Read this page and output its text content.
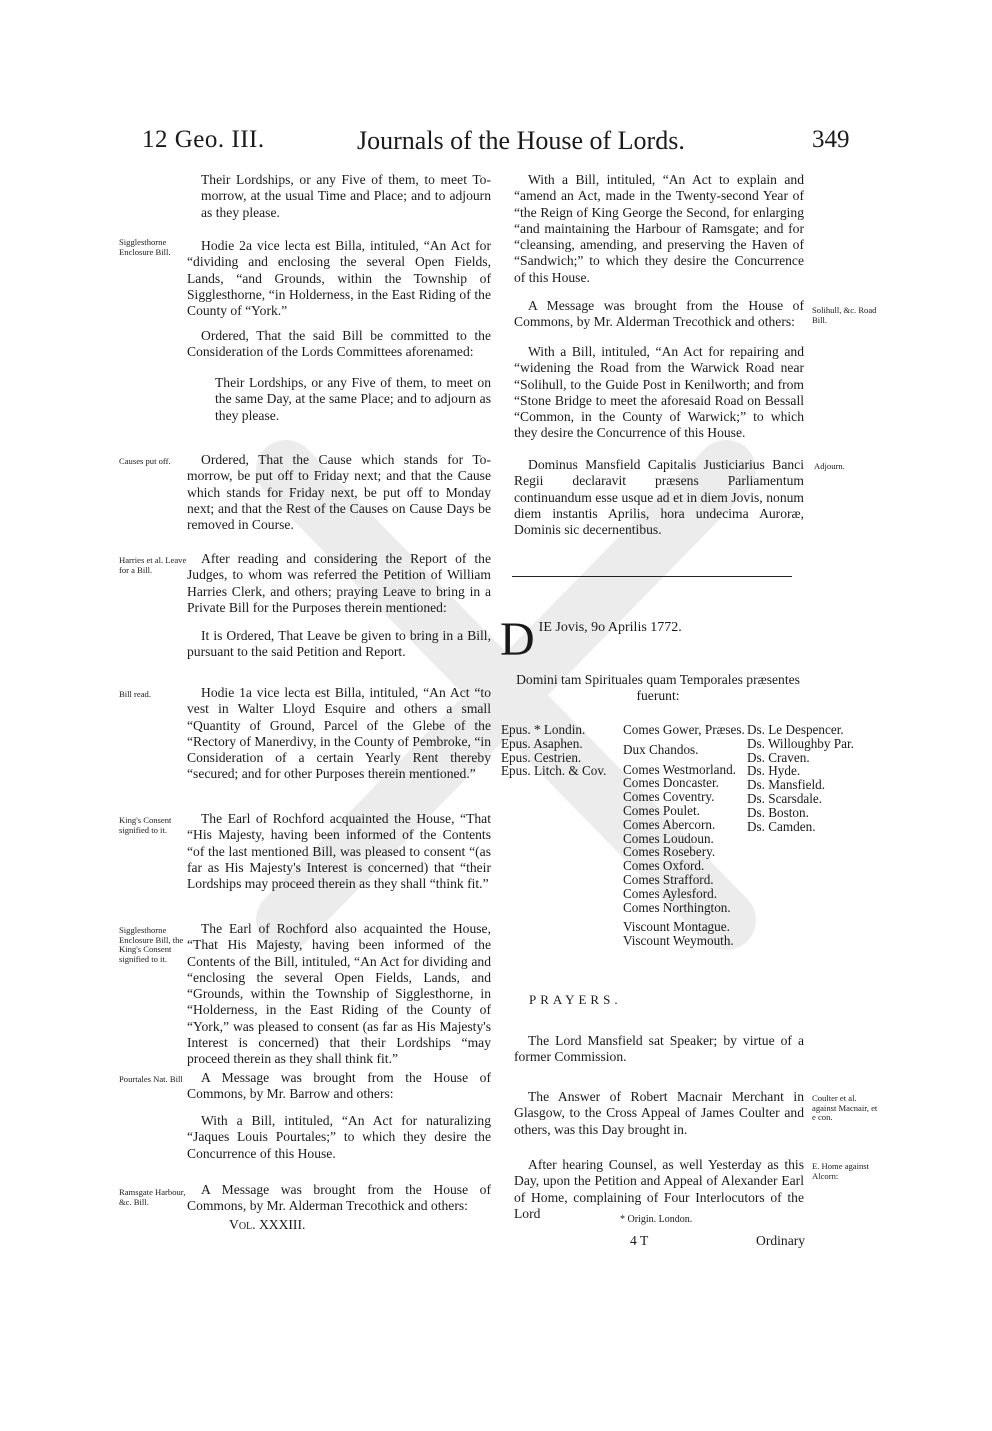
12 Geo. III.	Journals of the House of Lords.	349

Their Lordships, or any Five of them, to meet To-morrow, at the usual Time and Place; and to adjourn as they please.

Sigglesthorne Enclosure Bill.	Hodie 2a vice lecta est Billa, intituled, “An Act for “dividing and enclosing the several Open Fields, Lands, “and Grounds, within the Township of Sigglesthorne, “in Holderness, in the East Riding of the County of “York.”

Ordered, That the said Bill be committed to the Consideration of the Lords Committees aforenamed:

Their Lordships, or any Five of them, to meet on the same Day, at the same Place; and to adjourn as they please.

Causes put off.	Ordered, That the Cause which stands for To-morrow, be put off to Friday next; and that the Cause which stands for Friday next, be put off to Monday next; and that the Rest of the Causes on Cause Days be removed in Course.

Harries et al. Leave for a Bill.

After reading and considering the Report of the Judges, to whom was referred the Petition of William Harries Clerk, and others; praying Leave to bring in a Private Bill for the Purposes therein mentioned:

It is Ordered, That Leave be given to bring in a Bill, pursuant to the said Petition and Report.

Bill read.	Hodie 1a vice lecta est Billa, intituled, “An Act “to vest in Walter Lloyd Esquire and others a small “Quantity of Ground, Parcel of the Glebe of the “Rectory of Manerdivy, in the County of Pembroke, “in Consideration of a certain Yearly Rent thereby “secured; and for other Purposes therein mentioned.”

King's Consent signified to it.

The Earl of Rochford acquainted the House, “That “His Majesty, having been informed of the Contents “of the last mentioned Bill, was pleased to consent “(as far as His Majesty's Interest is concerned) that “their Lordships may proceed therein as they shall “think fit.”

Sigglesthorne Enclosure Bill, the King's Consent signified to it.

The Earl of Rochford also acquainted the House, “That His Majesty, having been informed of the Contents of the Bill, intituled, “An Act for dividing and “enclosing the several Open Fields, Lands, and “Grounds, within the Township of Sigglesthorne, in “Holderness, in the East Riding of the County of “York,” was pleased to consent (as far as His Majesty's Interest is concerned) that their Lordships “may proceed therein as they shall think fit.”

Pourtales Nat. Bill	A Message was brought from the House of Commons, by Mr. Barrow and others:

With a Bill, intituled, “An Act for naturalizing “Jaques Louis Pourtales;” to which they desire the Concurrence of this House.

Ramsgate Harbour, &c. Bill.

A Message was brought from the House of Commons, by Mr. Alderman Trecothick and others:

Vol. XXXIII.

With a Bill, intituled, “An Act to explain and “amend an Act, made in the Twenty-second Year of “the Reign of King George the Second, for enlarging “and maintaining the Harbour of Ramsgate; and for “cleansing, amending, and preserving the Haven of “Sandwich;” to which they desire the Concurrence of this House.

A Message was brought from the House of Commons, by Mr. Alderman Trecothick and others:

Solihull, &c. Road Bill.

With a Bill, intituled, “An Act for repairing and “widening the Road from the Warwick Road near “Solihull, to the Guide Post in Kenilworth; and from “Stone Bridge to meet the aforesaid Road on Bessall “Common, in the County of Warwick;” to which they desire the Concurrence of this House.

Dominus Mansfield Capitalis Justiciarius Banci Regii declaravit præsens Parliamentum continuandum esse usque ad et in diem Jovis, nonum diem instantis Aprilis, hora undecima Auroræ, Dominis sic decernentibus.

Adjourn.
D IE Jovis, 9o Aprilis 1772.

Domini tam Spirituales quam Temporales præsentes fuerunt:

Epus. * Londin.
Epus. Asaphen.
Epus. Cestrien.
Epus. Litch. & Cov.
Comes Gower, Præses.
Dux Chandos.
Comes Westmorland.
Comes Doncaster.
Comes Coventry.
Comes Poulet.
Comes Abercorn.
Comes Loudoun.
Comes Rosebery.
Comes Oxford.
Comes Strafford.
Comes Aylesford.
Comes Northington.
Viscount Montague.
Viscount Weymouth.
Ds. Le Despencer.
Ds. Willoughby Par.
Ds. Craven.
Ds. Hyde.
Ds. Mansfield.
Ds. Scarsdale.
Ds. Boston.
Ds. Camden.
PRAYERS.

The Lord Mansfield sat Speaker; by virtue of a former Commission.

The Answer of Robert Macnair Merchant in Glasgow, to the Cross Appeal of James Coulter and others, was this Day brought in.

Coulter et al. against Macnair, et e con.

After hearing Counsel, as well Yesterday as this Day, upon the Petition and Appeal of Alexander Earl of Home, complaining of Four Interlocutors of the Lord

E. Home against Alcorn:
* Origin. London.
4 T	Ordinary
